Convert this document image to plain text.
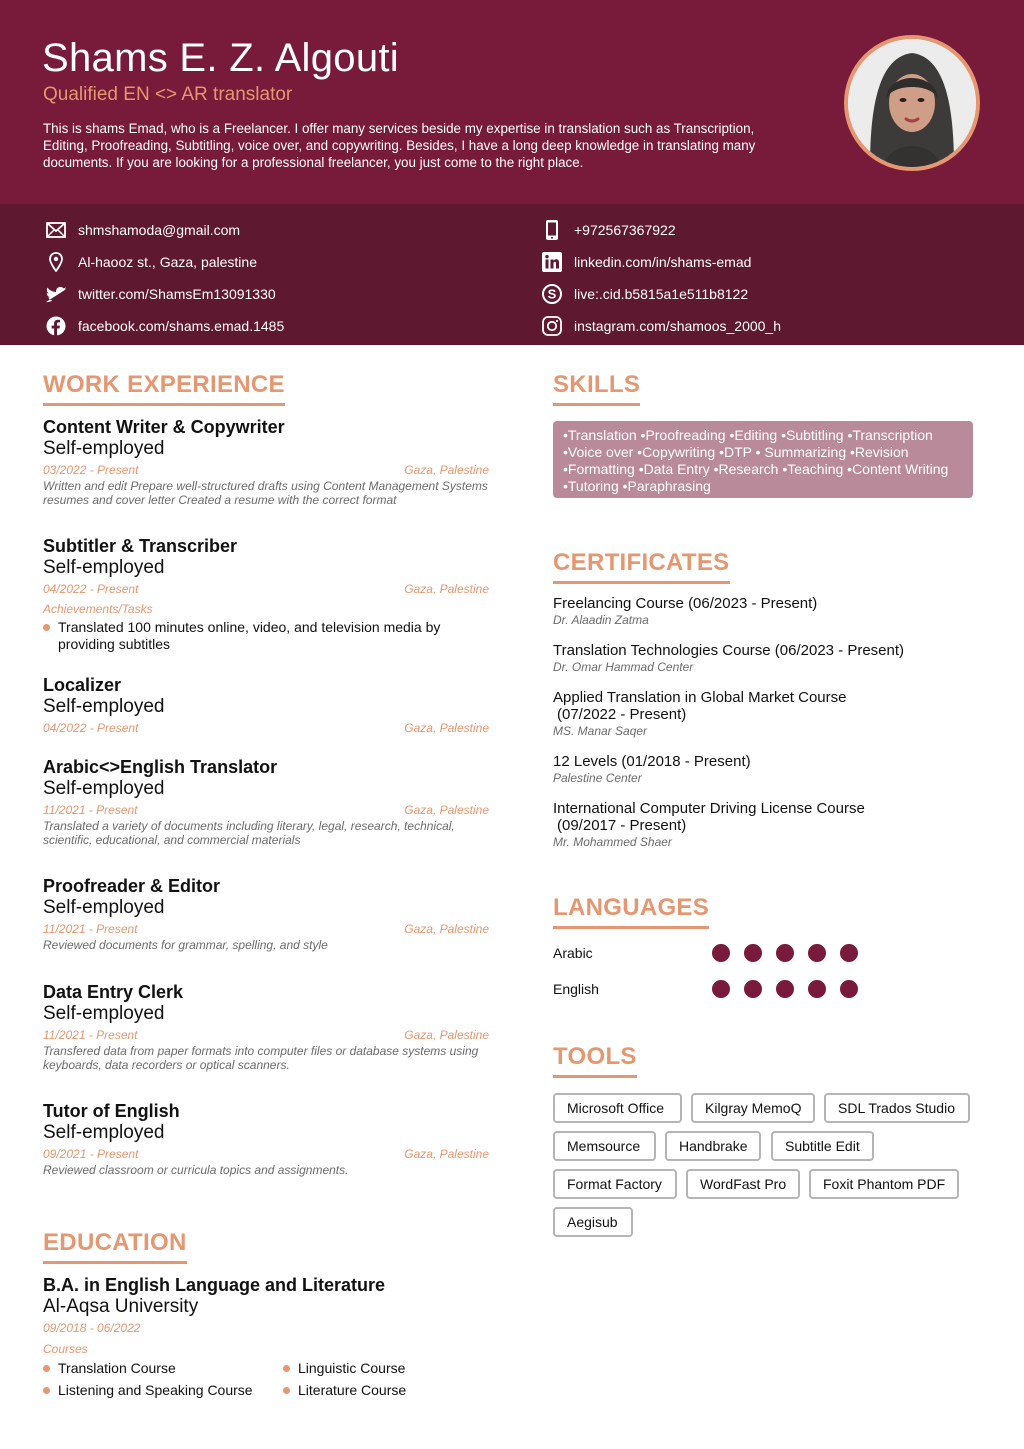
Shams E. Z. Algouti
Qualified EN <> AR translator
This is shams Emad, who is a Freelancer. I offer many services beside my expertise in translation such as Transcription, Editing, Proofreading, Subtitling, voice over, and copywriting. Besides, I have a long deep knowledge in translating many documents. If you are looking for a professional freelancer, you just come to the right place.
shmshamoda@gmail.com
Al-haooz st., Gaza, palestine
twitter.com/ShamsEm13091330
facebook.com/shams.emad.1485
+972567367922
linkedin.com/in/shams-emad
S live:.cid.b5815a1e511b8122
instagram.com/shamoos_2000_h
WORK EXPERIENCE
Content Writer & Copywriter
Self-employed
03/2022 - Present	Gaza, Palestine
Written and edit Prepare well-structured drafts using Content Management Systems resumes and cover letter Created a resume with the correct format
Subtitler & Transcriber
Self-employed
04/2022 - Present	Gaza, Palestine
Achievements/Tasks
Translated 100 minutes online, video, and television media by providing subtitles
Localizer
Self-employed
04/2022 - Present	Gaza, Palestine
Arabic<>English Translator
Self-employed
11/2021 - Present	Gaza, Palestine
Translated a variety of documents including literary, legal, research, technical, scientific, educational, and commercial materials
Proofreader & Editor
Self-employed
11/2021 - Present	Gaza, Palestine
Reviewed documents for grammar, spelling, and style
Data Entry Clerk
Self-employed
11/2021 - Present	Gaza, Palestine
Transfered data from paper formats into computer files or database systems using keyboards, data recorders or optical scanners.
Tutor of English
Self-employed
09/2021 - Present	Gaza, Palestine
Reviewed classroom or curricula topics and assignments.
EDUCATION
B.A. in English Language and Literature
Al-Aqsa University
09/2018 - 06/2022
Courses
Translation Course	Linguistic Course
Listening and Speaking Course	Literature Course
SKILLS
•Translation •Proofreading •Editing •Subtitling •Transcription
•Voice over •Copywriting •DTP • Summarizing •Revision
•Formatting •Data Entry •Research •Teaching •Content Writing
•Tutoring •Paraphrasing
CERTIFICATES
Freelancing Course (06/2023 - Present)
Dr. Alaadin Zatma
Translation Technologies Course (06/2023 - Present)
Dr. Omar Hammad Center
Applied Translation in Global Market Course
(07/2022 - Present)
MS. Manar Saqer
12 Levels (01/2018 - Present)
Palestine Center
International Computer Driving License Course
(09/2017 - Present)
Mr. Mohammed Shaer
LANGUAGES
Arabic
English
TOOLS
Microsoft Office	Kilgray MemoQ	SDL Trados Studio
Memsource	Handbrake	Subtitle Edit
Format Factory	WordFast Pro	Foxit Phantom PDF
Aegisub
